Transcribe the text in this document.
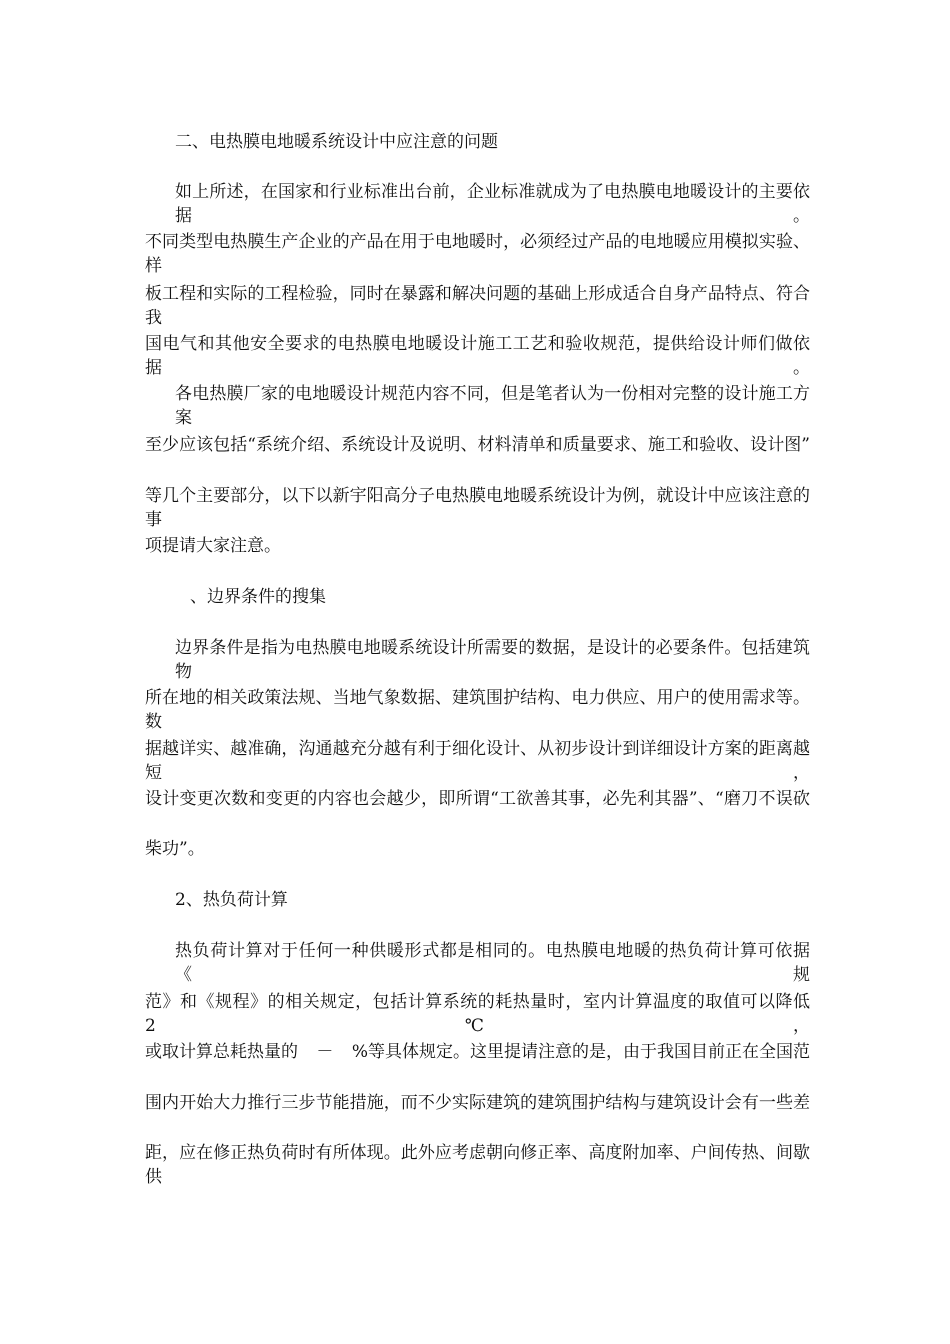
二、电热膜电地暖系统设计中应注意的问题
如上所述，在国家和行业标准出台前，企业标准就成为了电热膜电地暖设计的主要依据。
不同类型电热膜生产企业的产品在用于电地暖时，必须经过产品的电地暖应用模拟实验、样
板工程和实际的工程检验，同时在暴露和解决问题的基础上形成适合自身产品特点、符合我
国电气和其他安全要求的电热膜电地暖设计施工工艺和验收规范，提供给设计师们做依据。
各电热膜厂家的电地暖设计规范内容不同，但是笔者认为一份相对完整的设计施工方案
至少应该包括“系统介绍、系统设计及说明、材料清单和质量要求、施工和验收、设计图”
等几个主要部分，以下以新宇阳高分子电热膜电地暖系统设计为例，就设计中应该注意的事
项提请大家注意。
、边界条件的搜集
边界条件是指为电热膜电地暖系统设计所需要的数据，是设计的必要条件。包括建筑物
所在地的相关政策法规、当地气象数据、建筑围护结构、电力供应、用户的使用需求等。数
据越详实、越准确，沟通越充分越有利于细化设计、从初步设计到详细设计方案的距离越短，
设计变更次数和变更的内容也会越少，即所谓“工欲善其事，必先利其器”、“磨刀不误砍
柴功”。
2、热负荷计算
热负荷计算对于任何一种供暖形式都是相同的。电热膜电地暖的热负荷计算可依据《规
范》和《规程》的相关规定，包括计算系统的耗热量时，室内计算温度的取值可以降低 2℃，
或取计算总耗热量的 － %等具体规定。这里提请注意的是，由于我国目前正在全国范
围内开始大力推行三步节能措施，而不少实际建筑的建筑围护结构与建筑设计会有一些差
距，应在修正热负荷时有所体现。此外应考虑朝向修正率、高度附加率、户间传热、间歇供
